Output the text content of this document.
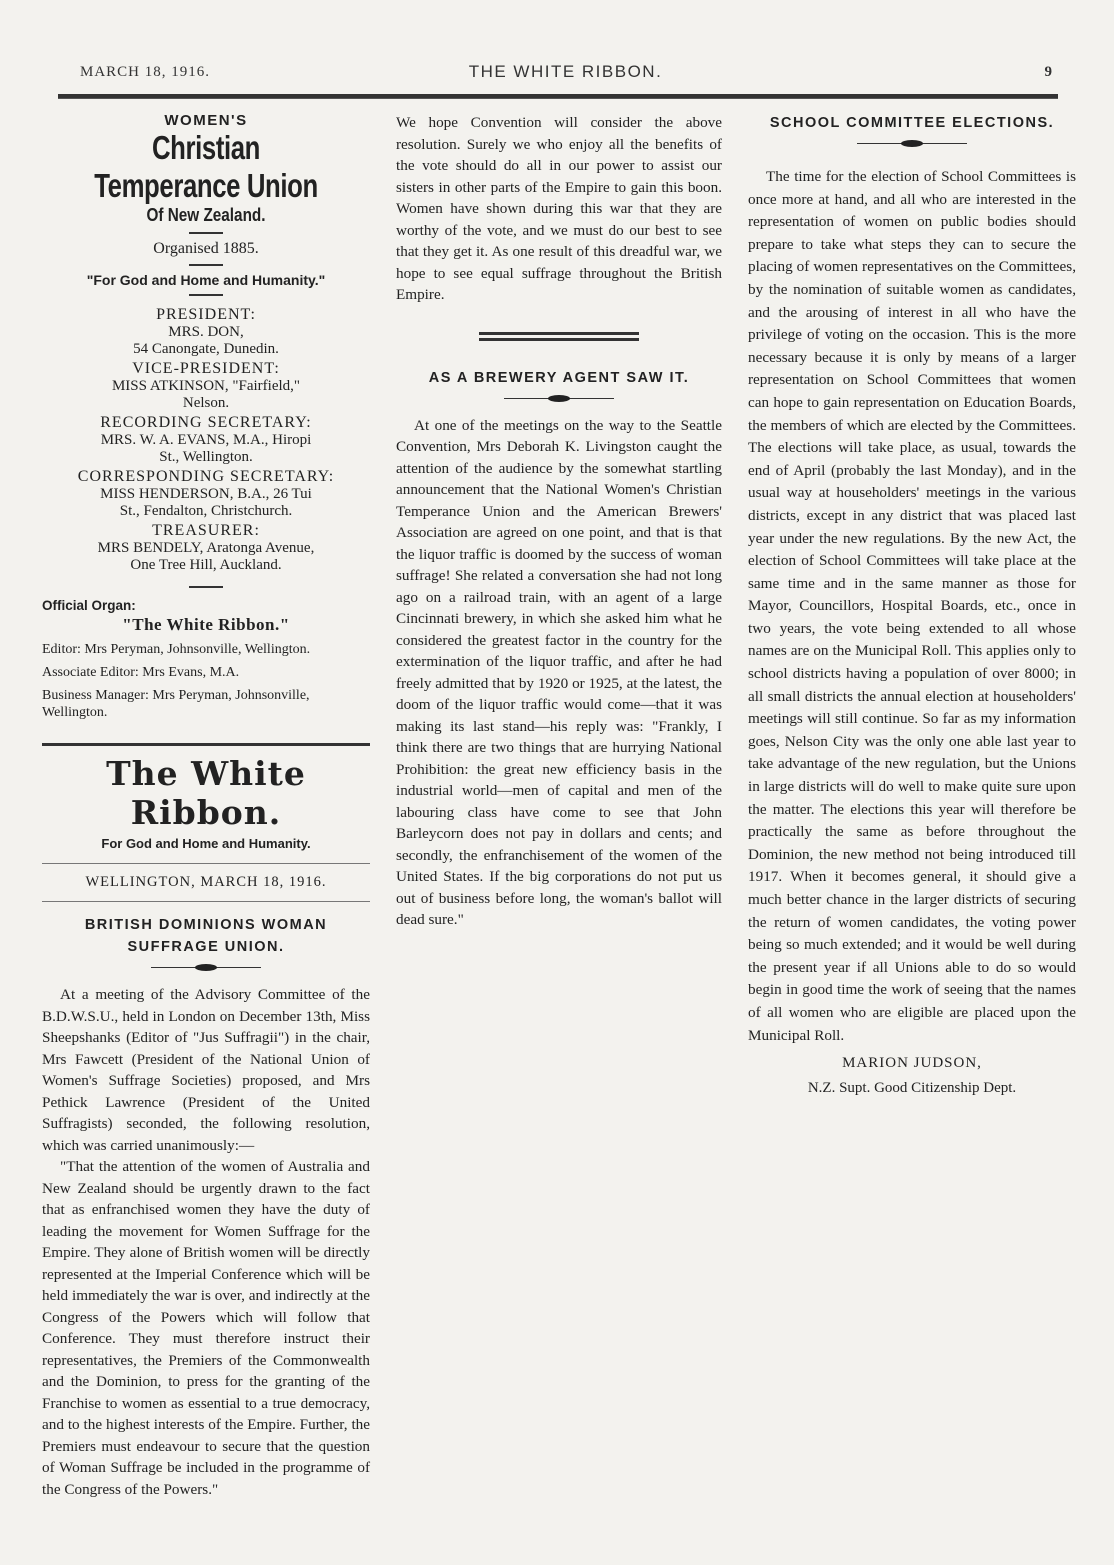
MARCH 18, 1916.	THE WHITE RIBBON.	9
WOMEN'S
Christian Temperance Union
Of New Zealand.
Organised 1885.
"For God and Home and Humanity."
PRESIDENT:
MRS. DON,
54 Canongate, Dunedin.
VICE-PRESIDENT:
MISS ATKINSON, "Fairfield,"
Nelson.
RECORDING SECRETARY:
MRS. W. A. EVANS, M.A., Hiropi
St., Wellington.
CORRESPONDING SECRETARY:
MISS HENDERSON, B.A., 26 Tui
St., Fendalton, Christchurch.
TREASURER:
MRS BENDELY, Aratonga Avenue,
One Tree Hill, Auckland.
Official Organ:
"The White Ribbon."
Editor: Mrs Peryman, Johnsonville, Wellington.
Associate Editor: Mrs Evans, M.A.
Business Manager: Mrs Peryman, Johnsonville, Wellington.
The White Ribbon.
For God and Home and Humanity.
WELLINGTON, MARCH 18, 1916.
BRITISH DOMINIONS WOMAN SUFFRAGE UNION.

At a meeting of the Advisory Committee of the B.D.W.S.U., held in London on December 13th, Miss Sheepshanks (Editor of "Jus Suffragii") in the chair, Mrs Fawcett (President of the National Union of Women's Suffrage Societies) proposed, and Mrs Pethick Lawrence (President of the United Suffragists) seconded, the following resolution, which was carried unanimously:—

"That the attention of the women of Australia and New Zealand should be urgently drawn to the fact that as enfranchised women they have the duty of leading the movement for Women Suffrage for the Empire. They alone of British women will be directly represented at the Imperial Conference which will be held immediately the war is over, and indirectly at the Congress of the Powers which will follow that Conference. They must therefore instruct their representatives, the Premiers of the Commonwealth and the Dominion, to press for the granting of the Franchise to women as essential to a true democracy, and to the highest interests of the Empire. Further, the Premiers must endeavour to secure that the question of Woman Suffrage be included in the programme of the Congress of the Powers."

We hope Convention will consider the above resolution. Surely we who enjoy all the benefits of the vote should do all in our power to assist our sisters in other parts of the Empire to gain this boon. Women have shown during this war that they are worthy of the vote, and we must do our best to see that they get it. As one result of this dreadful war, we hope to see equal suffrage throughout the British Empire.

AS A BREWERY AGENT SAW IT.

At one of the meetings on the way to the Seattle Convention, Mrs Deborah K. Livingston caught the attention of the audience by the somewhat startling announcement that the National Women's Christian Temperance Union and the American Brewers' Association are agreed on one point, and that is that the liquor traffic is doomed by the success of woman suffrage! She related a conversation she had not long ago on a railroad train, with an agent of a large Cincinnati brewery, in which she asked him what he considered the greatest factor in the country for the extermination of the liquor traffic, and after he had freely admitted that by 1920 or 1925, at the latest, the doom of the liquor traffic would come—that it was making its last stand—his reply was: "Frankly, I think there are two things that are hurrying National Prohibition: the great new efficiency basis in the industrial world—men of capital and men of the labouring class have come to see that John Barleycorn does not pay in dollars and cents; and secondly, the enfranchisement of the women of the United States. If the big corporations do not put us out of business before long, the woman's ballot will dead sure."

SCHOOL COMMITTEE ELECTIONS.

The time for the election of School Committees is once more at hand, and all who are interested in the representation of women on public bodies should prepare to take what steps they can to secure the placing of women representatives on the Committees, by the nomination of suitable women as candidates, and the arousing of interest in all who have the privilege of voting on the occasion. This is the more necessary because it is only by means of a larger representation on School Committees that women can hope to gain representation on Education Boards, the members of which are elected by the Committees. The elections will take place, as usual, towards the end of April (probably the last Monday), and in the usual way at householders' meetings in the various districts, except in any district that was placed last year under the new regulations. By the new Act, the election of School Committees will take place at the same time and in the same manner as those for Mayor, Councillors, Hospital Boards, etc., once in two years, the vote being extended to all whose names are on the Municipal Roll. This applies only to school districts having a population of over 8000; in all small districts the annual election at householders' meetings will still continue. So far as my information goes, Nelson City was the only one able last year to take advantage of the new regulation, but the Unions in large districts will do well to make quite sure upon the matter. The elections this year will therefore be practically the same as before throughout the Dominion, the new method not being introduced till 1917. When it becomes general, it should give a much better chance in the larger districts of securing the return of women candidates, the voting power being so much extended; and it would be well during the present year if all Unions able to do so would begin in good time the work of seeing that the names of all women who are eligible are placed upon the Municipal Roll.

MARION JUDSON,
N.Z. Supt. Good Citizenship Dept.
